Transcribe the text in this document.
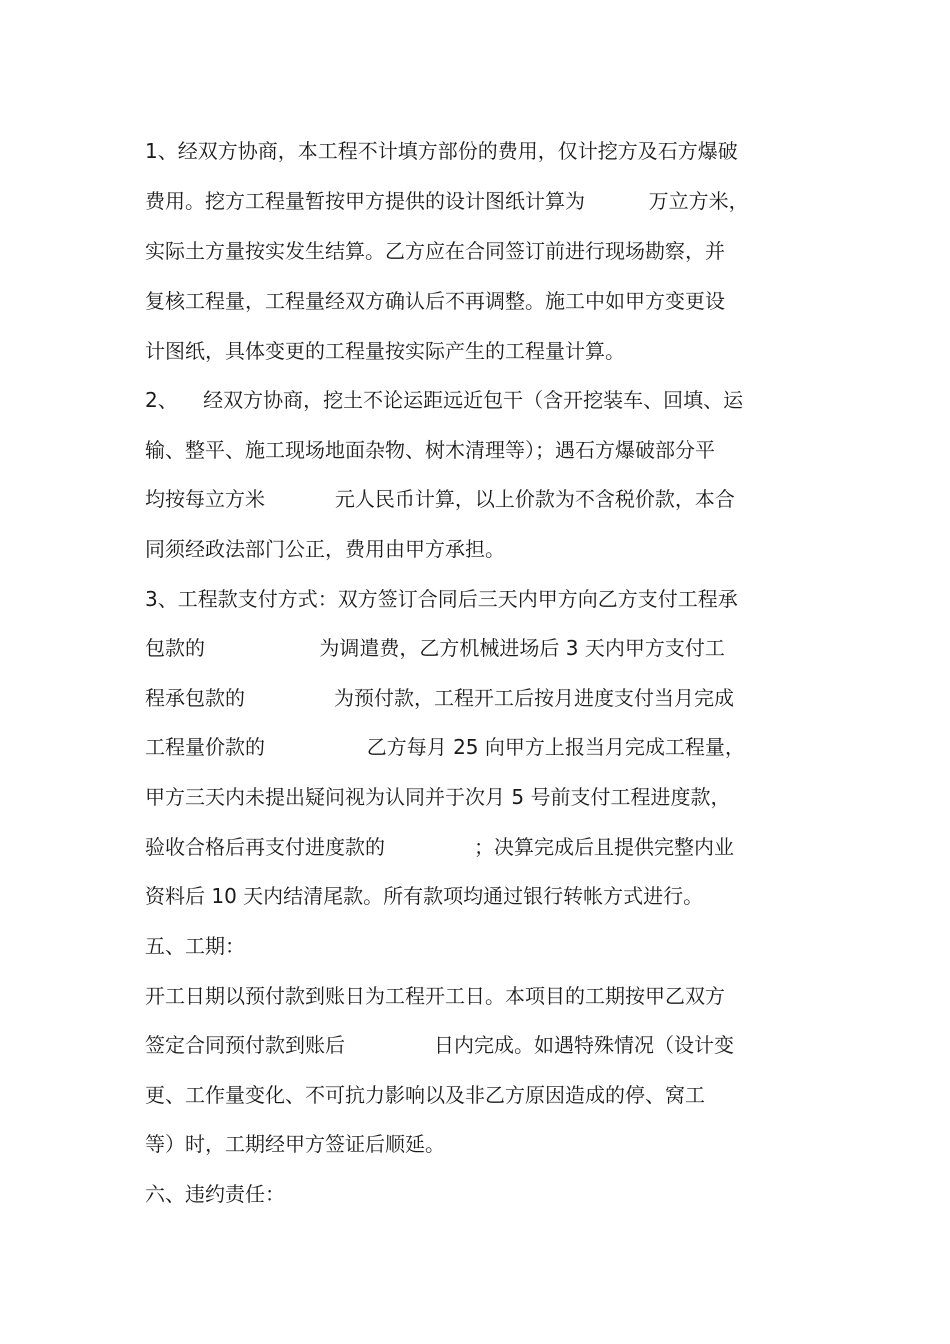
1、经双方协商，本工程不计填方部份的费用，仅计挖方及石方爆破
费用。挖方工程量暂按甲方提供的设计图纸计算为          万立方米，
实际土方量按实发生结算。乙方应在合同签订前进行现场勘察，并
复核工程量，工程量经双方确认后不再调整。施工中如甲方变更设
计图纸，具体变更的工程量按实际产生的工程量计算。
2、    经双方协商，挖土不论运距远近包干（含开挖装车、回填、运
输、整平、施工现场地面杂物、树木清理等）；遇石方爆破部分平
均按每立方米           元人民币计算，以上价款为不含税价款，本合
同须经政法部门公正，费用由甲方承担。
3、工程款支付方式：双方签订合同后三天内甲方向乙方支付工程承
包款的                  为调遣费，乙方机械进场后 3 天内甲方支付工
程承包款的              为预付款，工程开工后按月进度支付当月完成
工程量价款的                乙方每月 25 向甲方上报当月完成工程量，
甲方三天内未提出疑问视为认同并于次月 5 号前支付工程进度款，
验收合格后再支付进度款的              ；决算完成后且提供完整内业
资料后 10 天内结清尾款。所有款项均通过银行转帐方式进行。
五、工期：
开工日期以预付款到账日为工程开工日。本项目的工期按甲乙双方
签定合同预付款到账后              日内完成。如遇特殊情况（设计变
更、工作量变化、不可抗力影响以及非乙方原因造成的停、窝工
等）时，工期经甲方签证后顺延。
六、违约责任：
